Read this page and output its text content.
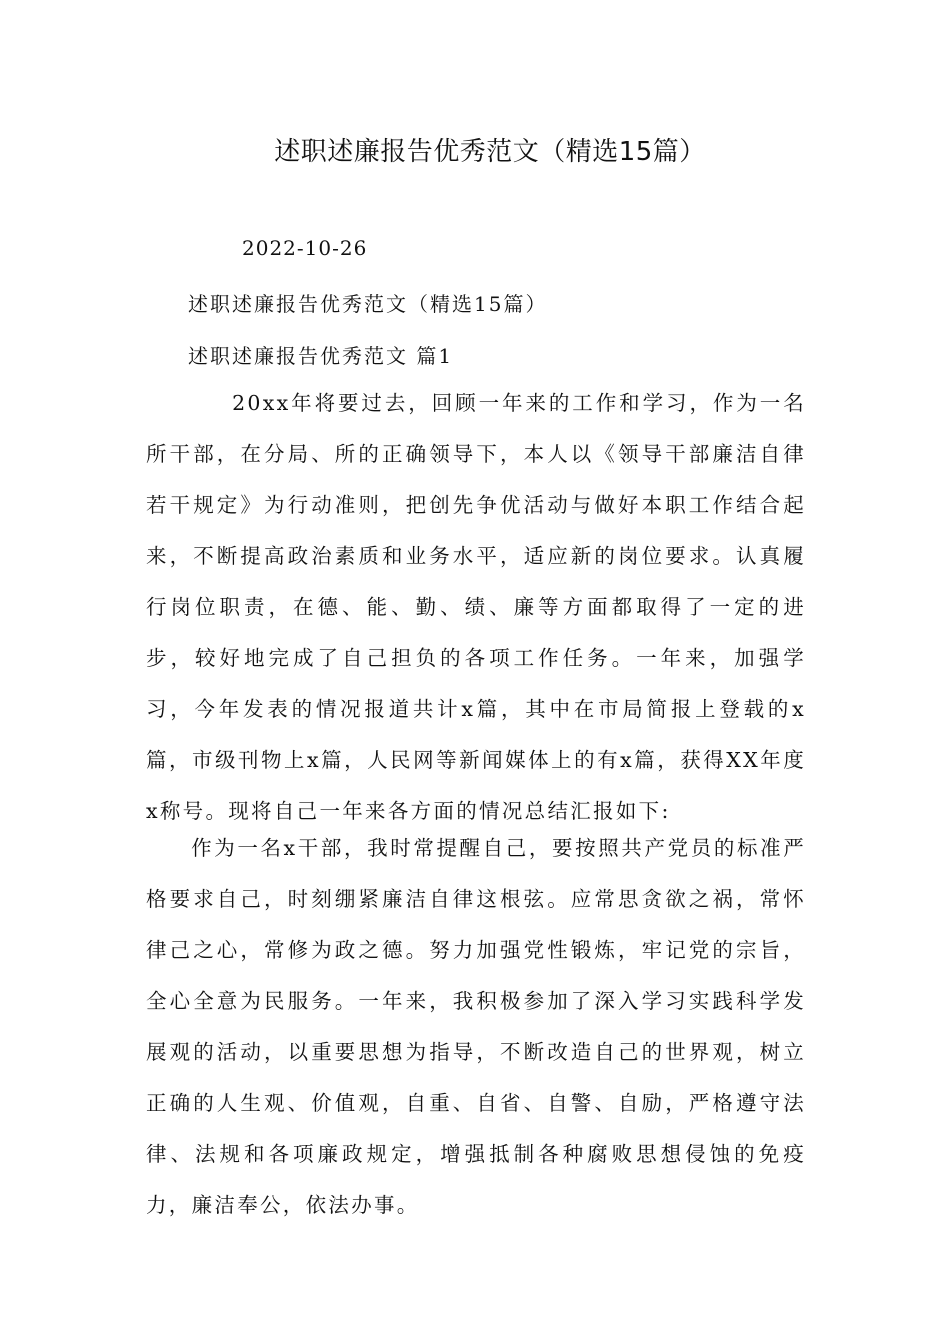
述职述廉报告优秀范文（精选15篇）
2022-10-26
述职述廉报告优秀范文（精选15篇）
述职述廉报告优秀范文 篇1
20xx年将要过去，回顾一年来的工作和学习，作为一名所干部，在分局、所的正确领导下，本人以《领导干部廉洁自律若干规定》为行动准则，把创先争优活动与做好本职工作结合起来，不断提高政治素质和业务水平，适应新的岗位要求。认真履行岗位职责，在德、能、勤、绩、廉等方面都取得了一定的进步，较好地完成了自己担负的各项工作任务。一年来，加强学习，今年发表的情况报道共计x篇，其中在市局简报上登载的x篇，市级刊物上x篇，人民网等新闻媒体上的有x篇，获得XX年度x称号。现将自己一年来各方面的情况总结汇报如下:
作为一名x干部，我时常提醒自己，要按照共产党员的标准严格要求自己，时刻绷紧廉洁自律这根弦。应常思贪欲之祸，常怀律己之心，常修为政之德。努力加强党性锻炼，牢记党的宗旨，全心全意为民服务。一年来，我积极参加了深入学习实践科学发展观的活动，以重要思想为指导，不断改造自己的世界观，树立正确的人生观、价值观，自重、自省、自警、自励，严格遵守法律、法规和各项廉政规定，增强抵制各种腐败思想侵蚀的免疫力，廉洁奉公，依法办事。
